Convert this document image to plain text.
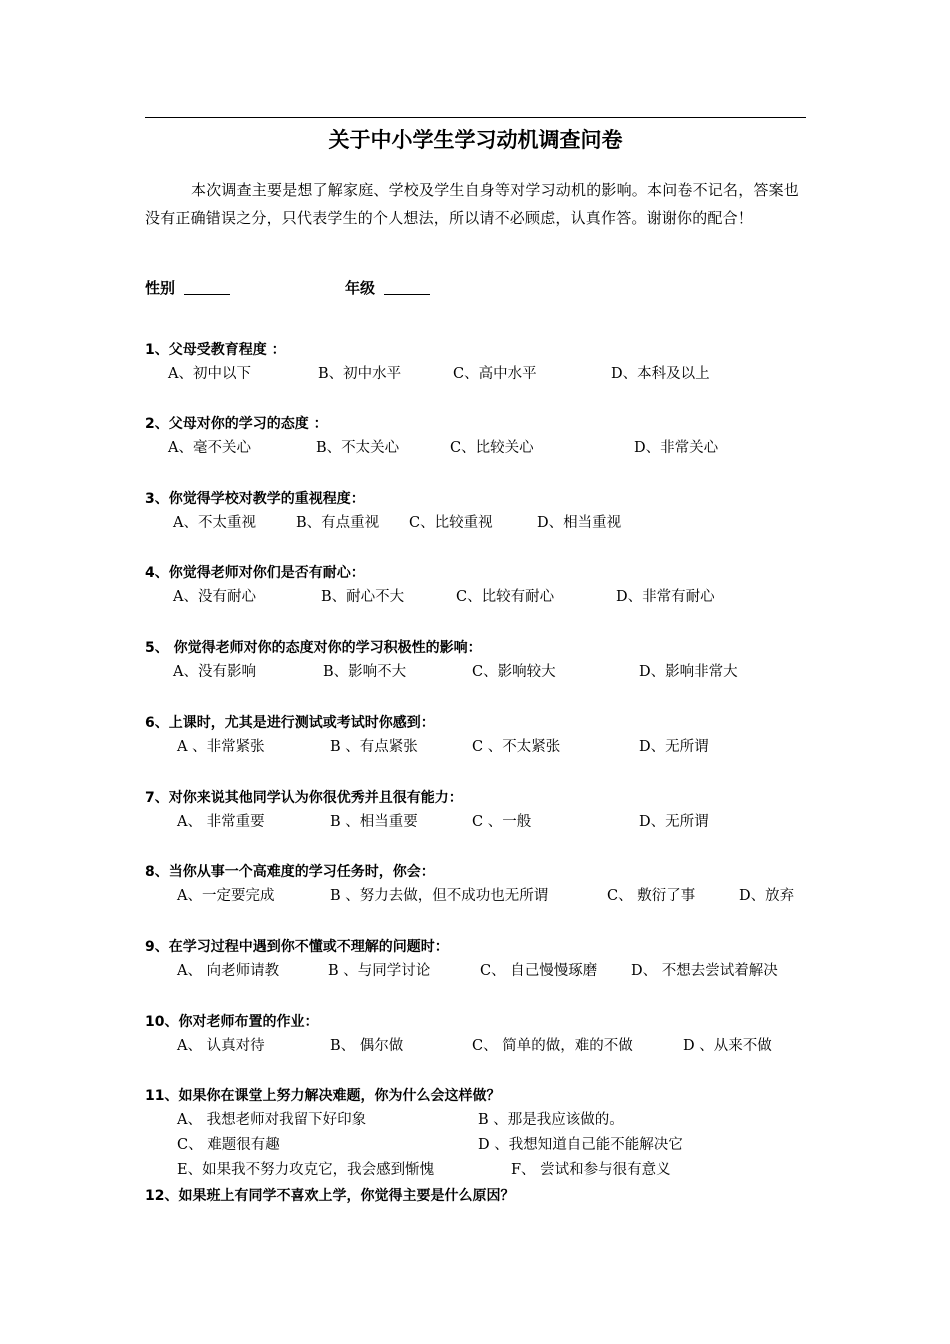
关于中小学生学习动机调查问卷

本次调查主要是想了解家庭、学校及学生自身等对学习动机的影响。本问卷不记名，答案也没有正确错误之分，只代表学生的个人想法，所以请不必顾虑，认真作答。谢谢你的配合！

性别	年级

1、父母受教育程度 ：

A、初中以下	B、初中水平	C、高中水平	D、本科及以上

2、父母对你的学习的态度 ：

A、毫不关心	B、不太关心	C、比较关心	D、非常关心

3、你觉得学校对教学的重视程度：

A、不太重视	B、有点重视 C、比较重视	D、相当重视

4、你觉得老师对你们是否有耐心：

A、没有耐心	B、耐心不大	C、比较有耐心	D、非常有耐心

5、 你觉得老师对你的态度对你的学习积极性的影响：

A、没有影响	B、影响不大	C、影响较大	D、影响非常大

6、上课时，尤其是进行测试或考试时你感到：

A 、非常紧张	B 、有点紧张	C 、不太紧张	D、无所谓

7、对你来说其他同学认为你很优秀并且很有能力：

A、 非常重要	B 、相当重要	C 、一般	D、无所谓

8、当你从事一个高难度的学习任务时，你会：

A、一定要完成	B 、努力去做，但不成功也无所谓	C、 敷衍了事	D、放弃

9、在学习过程中遇到你不懂或不理解的问题时：

A、 向老师请教	B 、与同学讨论	C、 自己慢慢琢磨 D、 不想去尝试着解决

10、你对老师布置的作业：

A、 认真对待	B、 偶尔做	C、 简单的做，难的不做	D 、从来不做

11、如果你在课堂上努力解决难题，你为什么会这样做？

A、 我想老师对我留下好印象	B 、那是我应该做的。
C、 难题很有趣	D 、我想知道自己能不能解决它
E、如果我不努力攻克它，我会感到惭愧	F、 尝试和参与很有意义

12、如果班上有同学不喜欢上学，你觉得主要是什么原因？
